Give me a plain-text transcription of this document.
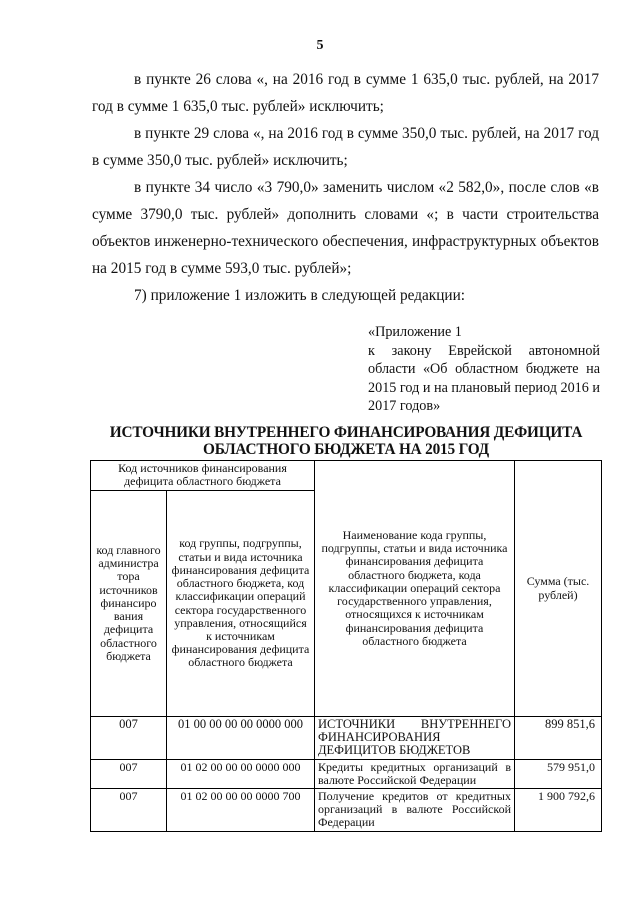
5

в пункте 26 слова «, на 2016 год в сумме 1 635,0 тыс. рублей, на 2017 год в сумме 1 635,0 тыс. рублей» исключить;

в пункте 29 слова «, на 2016 год в сумме 350,0 тыс. рублей, на 2017 год в сумме 350,0 тыс. рублей» исключить;

в пункте 34 число «3 790,0» заменить числом «2 582,0», после слов «в сумме 3790,0 тыс. рублей» дополнить словами «; в части строительства объектов инженерно-технического обеспечения, инфраструктурных объектов на 2015 год в сумме 593,0 тыс. рублей»;

7) приложение 1 изложить в следующей редакции:

«Приложение 1
к закону Еврейской автономной области «Об областном бюджете на 2015 год и на плановый период 2016 и 2017 годов»
ИСТОЧНИКИ ВНУТРЕННЕГО ФИНАНСИРОВАНИЯ ДЕФИЦИТА
ОБЛАСТНОГО БЮДЖЕТА НА 2015 ГОД
Код источников финансирования дефицита областного бюджета		Наименование кода группы, подгруппы, статьи и вида источника финансирования дефицита областного бюджета, кода классификации операций сектора государственного управления, относящихся к источникам финансирования дефицита областного бюджета	Сумма (тыс. рублей)
код главного администра тора источников финансиро вания дефицита областного бюджета	код группы, подгруппы, статьи и вида источника финансирования дефицита областного бюджета, код классификации операций сектора государственного управления, относящийся к источникам финансирования дефицита областного бюджета		
007	01 00 00 00 00 0000 000	ИСТОЧНИКИ ВНУТРЕННЕГО ФИНАНСИРОВАНИЯ ДЕФИЦИТОВ БЮДЖЕТОВ	899 851,6
007	01 02 00 00 00 0000 000	Кредиты кредитных организаций в валюте Российской Федерации	579 951,0
007	01 02 00 00 00 0000 700	Получение кредитов от кредитных организаций в валюте Российской Федерации	1 900 792,6
